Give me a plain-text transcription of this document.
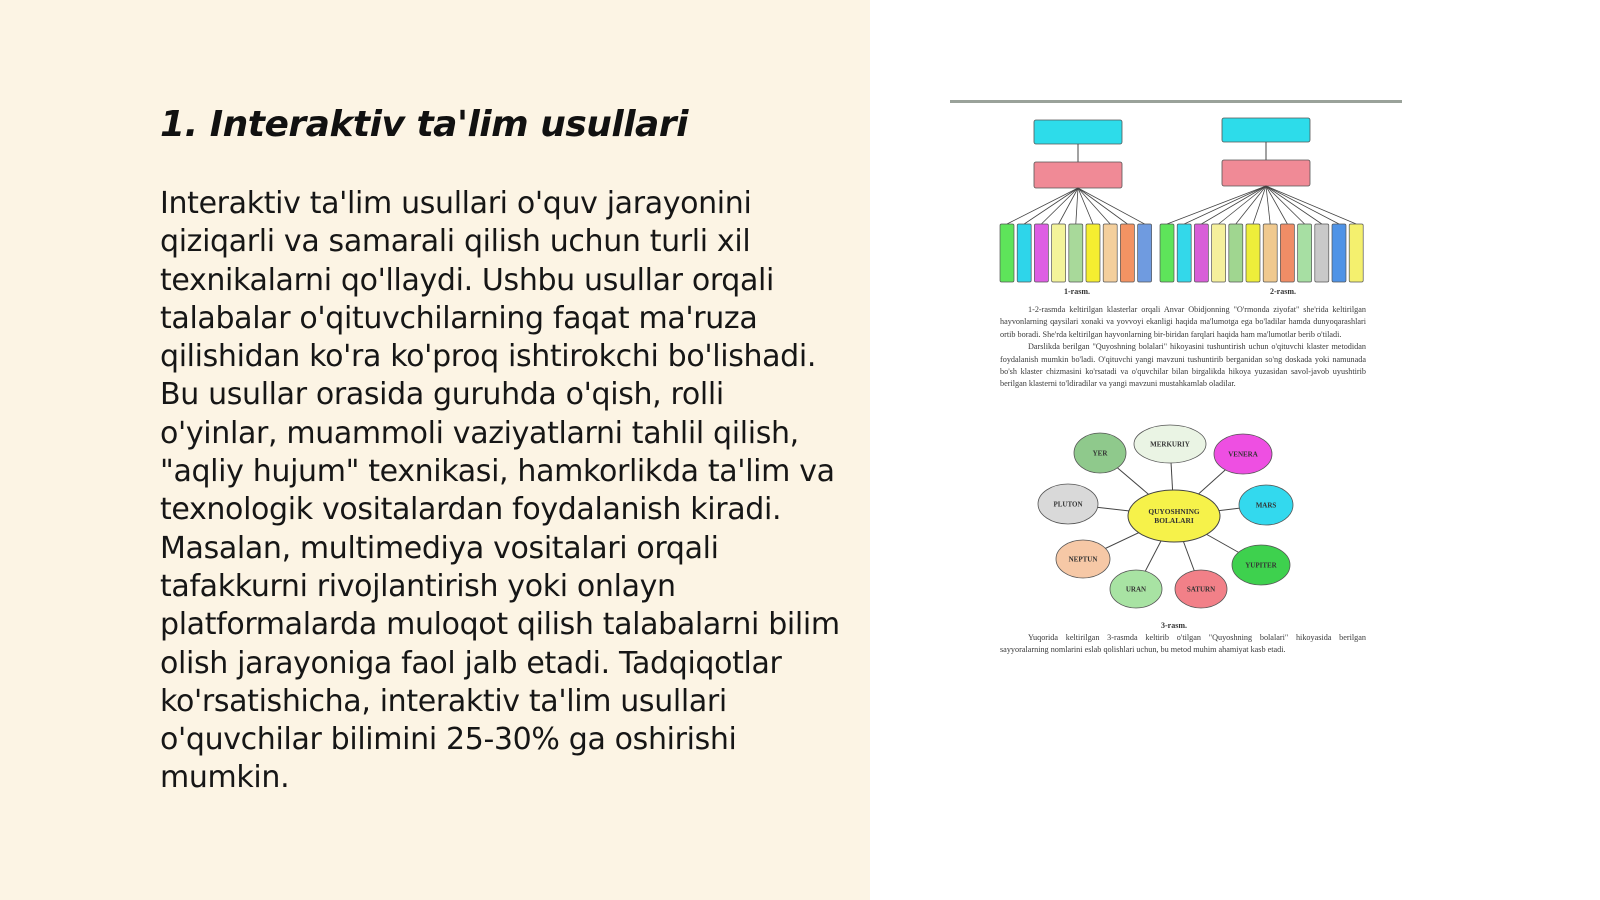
1. Interaktiv ta'lim usullari

Interaktiv ta'lim usullari o'quv jarayonini qiziqarli va samarali qilish uchun turli xil texnikalarni qo'llaydi. Ushbu usullar orqali talabalar o'qituvchilarning faqat ma'ruza qilishidan ko'ra ko'proq ishtirokchi bo'lishadi. Bu usullar orasida guruhda o'qish, rolli o'yinlar, muammoli vaziyatlarni tahlil qilish, "aqliy hujum" texnikasi, hamkorlikda ta'lim va texnologik vositalardan foydalanish kiradi. Masalan, multimediya vositalari orqali tafakkurni rivojlantirish yoki onlayn platformalarda muloqot qilish talabalarni bilim olish jarayoniga faol jalb etadi. Tadqiqotlar ko'rsatishicha, interaktiv ta'lim usullari o'quvchilar bilimini 25-30% ga oshirishi mumkin.

1-rasm.	2-rasm.
1-2-rasmda keltirilgan klasterlar orqali Anvar Obidjonning "O'rmonda ziyofat" she'rida keltirilgan hayvonlarning qaysilari xonaki va yovvoyi ekanligi haqida ma'lumotga ega bo'ladilar hamda dunyoqarashlari ortib boradi. She'rda keltirilgan hayvonlarning bir-biridan farqlari haqida ham ma'lumotlar berib o'tiladi.
Darslikda berilgan "Quyoshning bolalari" hikoyasini tushuntirish uchun o'qituvchi klaster metodidan foydalanish mumkin bo'ladi. O'qituvchi yangi mavzuni tushuntirib berganidan so'ng doskada yoki namunada bo'sh klaster chizmasini ko'rsatadi va o'quvchilar bilan birgalikda hikoya yuzasidan savol-javob uyushtirib berilgan klasterni to'ldiradilar va yangi mavzuni mustahkamlab oladilar.
YER
MERKURIY
VENERA
PLUTON	MARS
NEPTUN
YUPITER
URAN	SATURN
QUYOSHNING
BOLALARI
3-rasm.
Yuqorida keltirilgan 3-rasmda keltirib o'tilgan "Quyoshning bolalari" hikoyasida berilgan sayyoralarning nomlarini eslab qolishlari uchun, bu metod muhim ahamiyat kasb etadi.
